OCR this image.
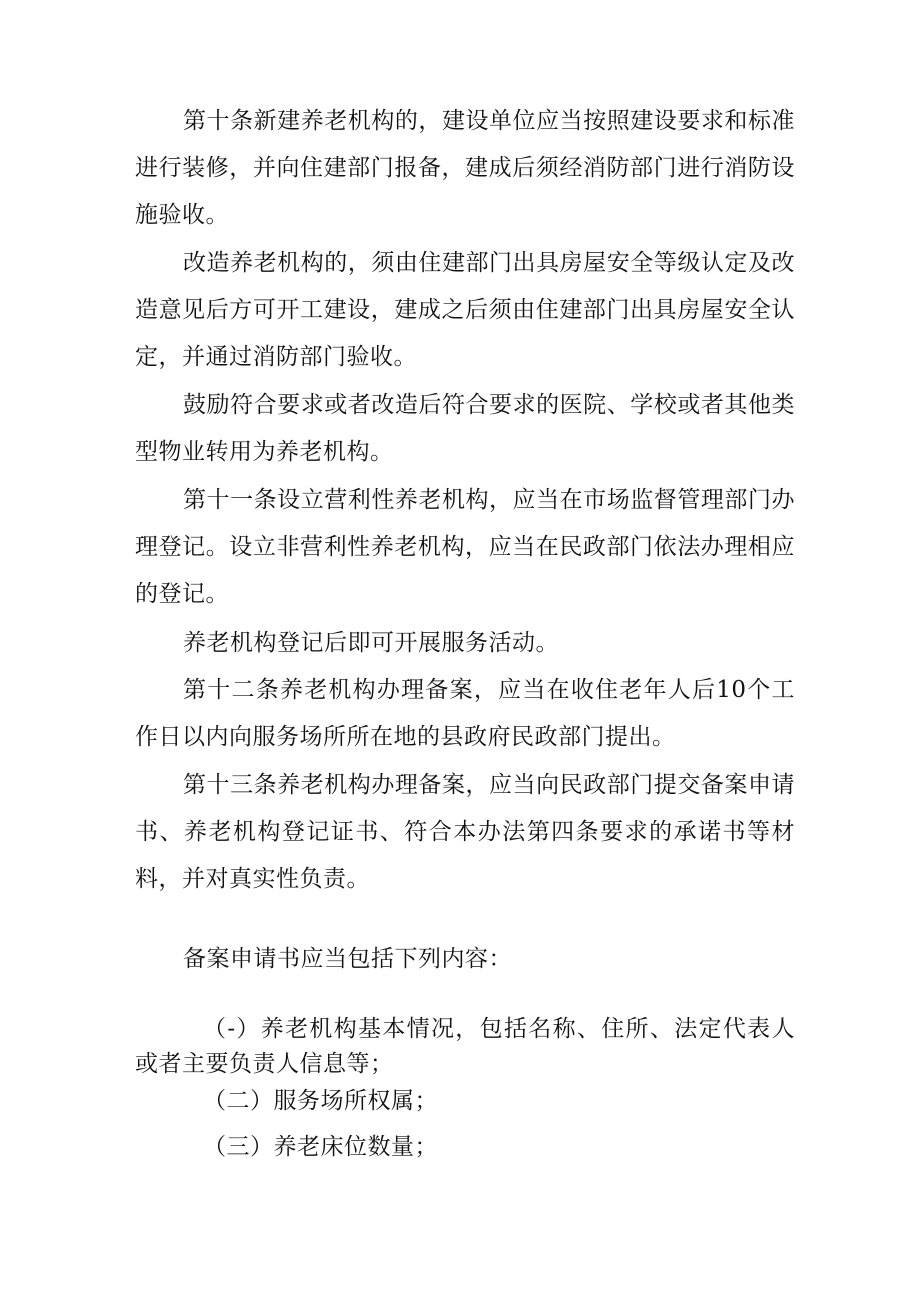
第十条新建养老机构的，建设单位应当按照建设要求和标准进行装修，并向住建部门报备，建成后须经消防部门进行消防设施验收。

改造养老机构的，须由住建部门出具房屋安全等级认定及改造意见后方可开工建设，建成之后须由住建部门出具房屋安全认定，并通过消防部门验收。

鼓励符合要求或者改造后符合要求的医院、学校或者其他类型物业转用为养老机构。

第十一条设立营利性养老机构，应当在市场监督管理部门办理登记。设立非营利性养老机构，应当在民政部门依法办理相应的登记。

养老机构登记后即可开展服务活动。

第十二条养老机构办理备案，应当在收住老年人后10个工作日以内向服务场所所在地的县政府民政部门提出。

第十三条养老机构办理备案，应当向民政部门提交备案申请书、养老机构登记证书、符合本办法第四条要求的承诺书等材料，并对真实性负责。

备案申请书应当包括下列内容：

（-）养老机构基本情况，包括名称、住所、法定代表人或者主要负责人信息等；

（二）服务场所权属；

（三）养老床位数量；
